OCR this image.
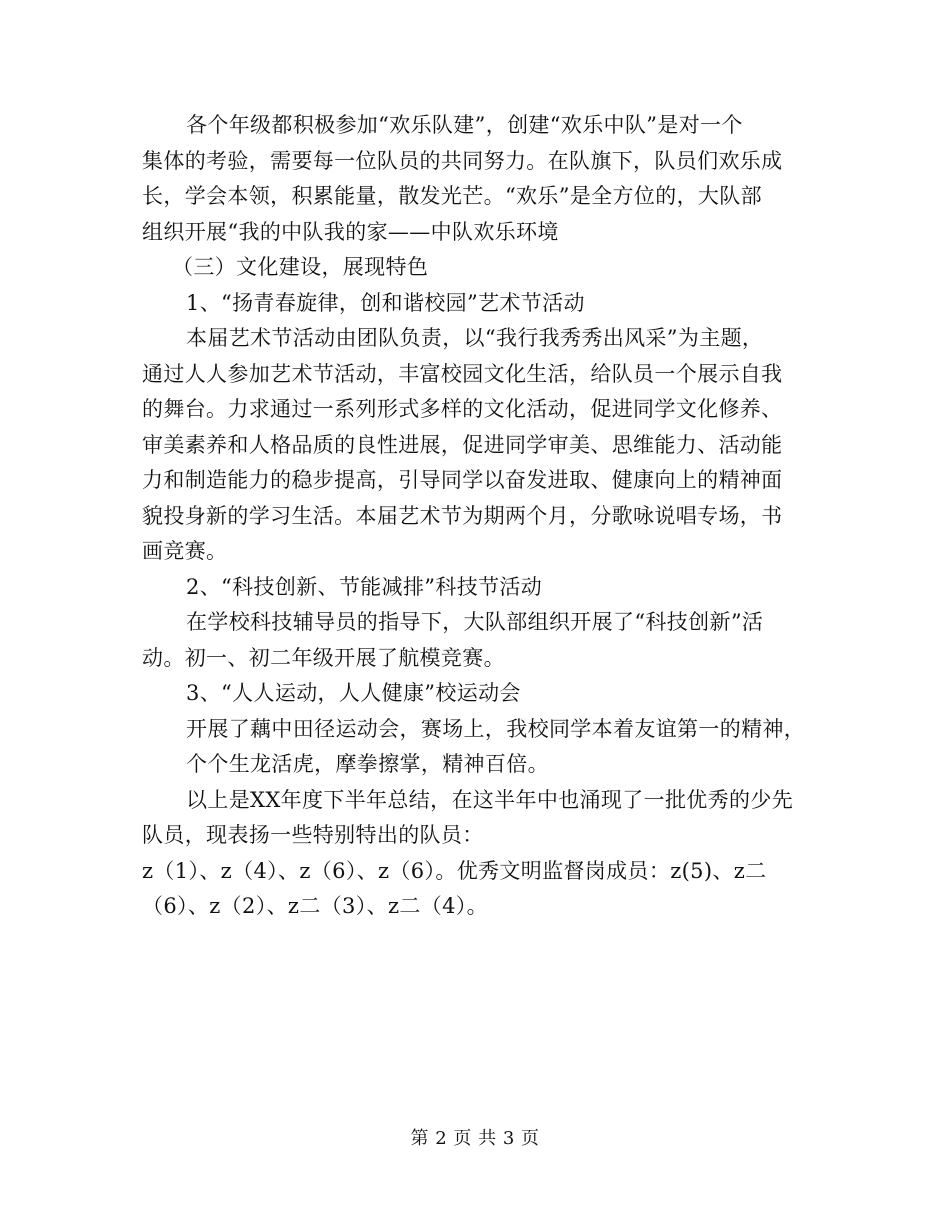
各个年级都积极参加“欢乐队建”，创建“欢乐中队”是对一个
集体的考验，需要每一位队员的共同努力。在队旗下，队员们欢乐成
长，学会本领，积累能量，散发光芒。“欢乐”是全方位的，大队部
组织开展“我的中队我的家——中队欢乐环境
（三）文化建设，展现特色
1、“扬青春旋律，创和谐校园”艺术节活动
本届艺术节活动由团队负责，以“我行我秀秀出风采”为主题，
通过人人参加艺术节活动，丰富校园文化生活，给队员一个展示自我
的舞台。力求通过一系列形式多样的文化活动，促进同学文化修养、
审美素养和人格品质的良性进展，促进同学审美、思维能力、活动能
力和制造能力的稳步提高，引导同学以奋发进取、健康向上的精神面
貌投身新的学习生活。本届艺术节为期两个月，分歌咏说唱专场，书
画竞赛。
2、“科技创新、节能减排”科技节活动
在学校科技辅导员的指导下，大队部组织开展了“科技创新”活
动。初一、初二年级开展了航模竞赛。
3、“人人运动，人人健康”校运动会
开展了藕中田径运动会，赛场上，我校同学本着友谊第一的精神，
个个生龙活虎，摩拳擦掌，精神百倍。
以上是XX年度下半年总结，在这半年中也涌现了一批优秀的少先
队员，现表扬一些特别特出的队员：
z（1）、z（4）、z（6）、z（6）。优秀文明监督岗成员：z(5)、z二
（6）、z（2）、z二（3）、z二（4）。
第 2 页 共 3 页
